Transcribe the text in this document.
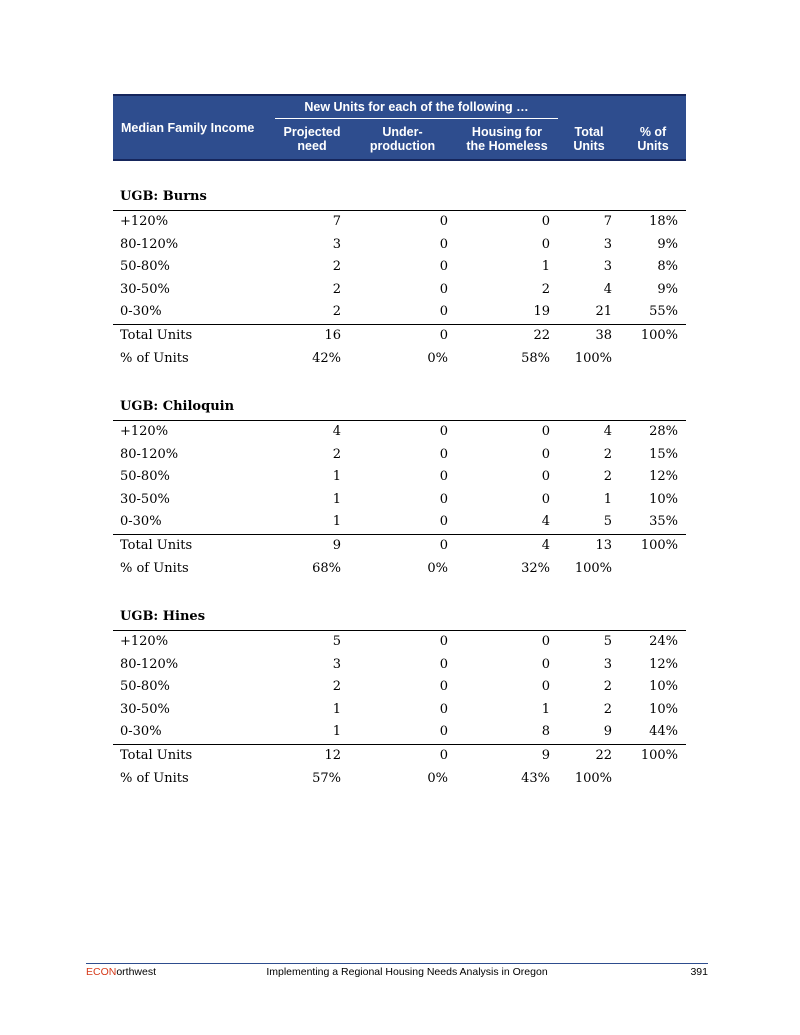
Median Family Income	New Units for each of the following …			Total Units	% of Units
	Projected need	Under- production	Housing for the Homeless		

UGB: Burns					
+120%	7	0	0	7	18%
80-120%	3	0	0	3	9%
50-80%	2	0	1	3	8%
30-50%	2	0	2	4	9%
0-30%	2	0	19	21	55%
Total Units	16	0	22	38	100%
% of Units	42%	0%	58%	100%	

UGB: Chiloquin					
+120%	4	0	0	4	28%
80-120%	2	0	0	2	15%
50-80%	1	0	0	2	12%
30-50%	1	0	0	1	10%
0-30%	1	0	4	5	35%
Total Units	9	0	4	13	100%
% of Units	68%	0%	32%	100%	

UGB: Hines					
+120%	5	0	0	5	24%
80-120%	3	0	0	3	12%
50-80%	2	0	0	2	10%
30-50%	1	0	1	2	10%
0-30%	1	0	8	9	44%
Total Units	12	0	9	22	100%
% of Units	57%	0%	43%	100%	
ECONorthwest	Implementing a Regional Housing Needs Analysis in Oregon	391
